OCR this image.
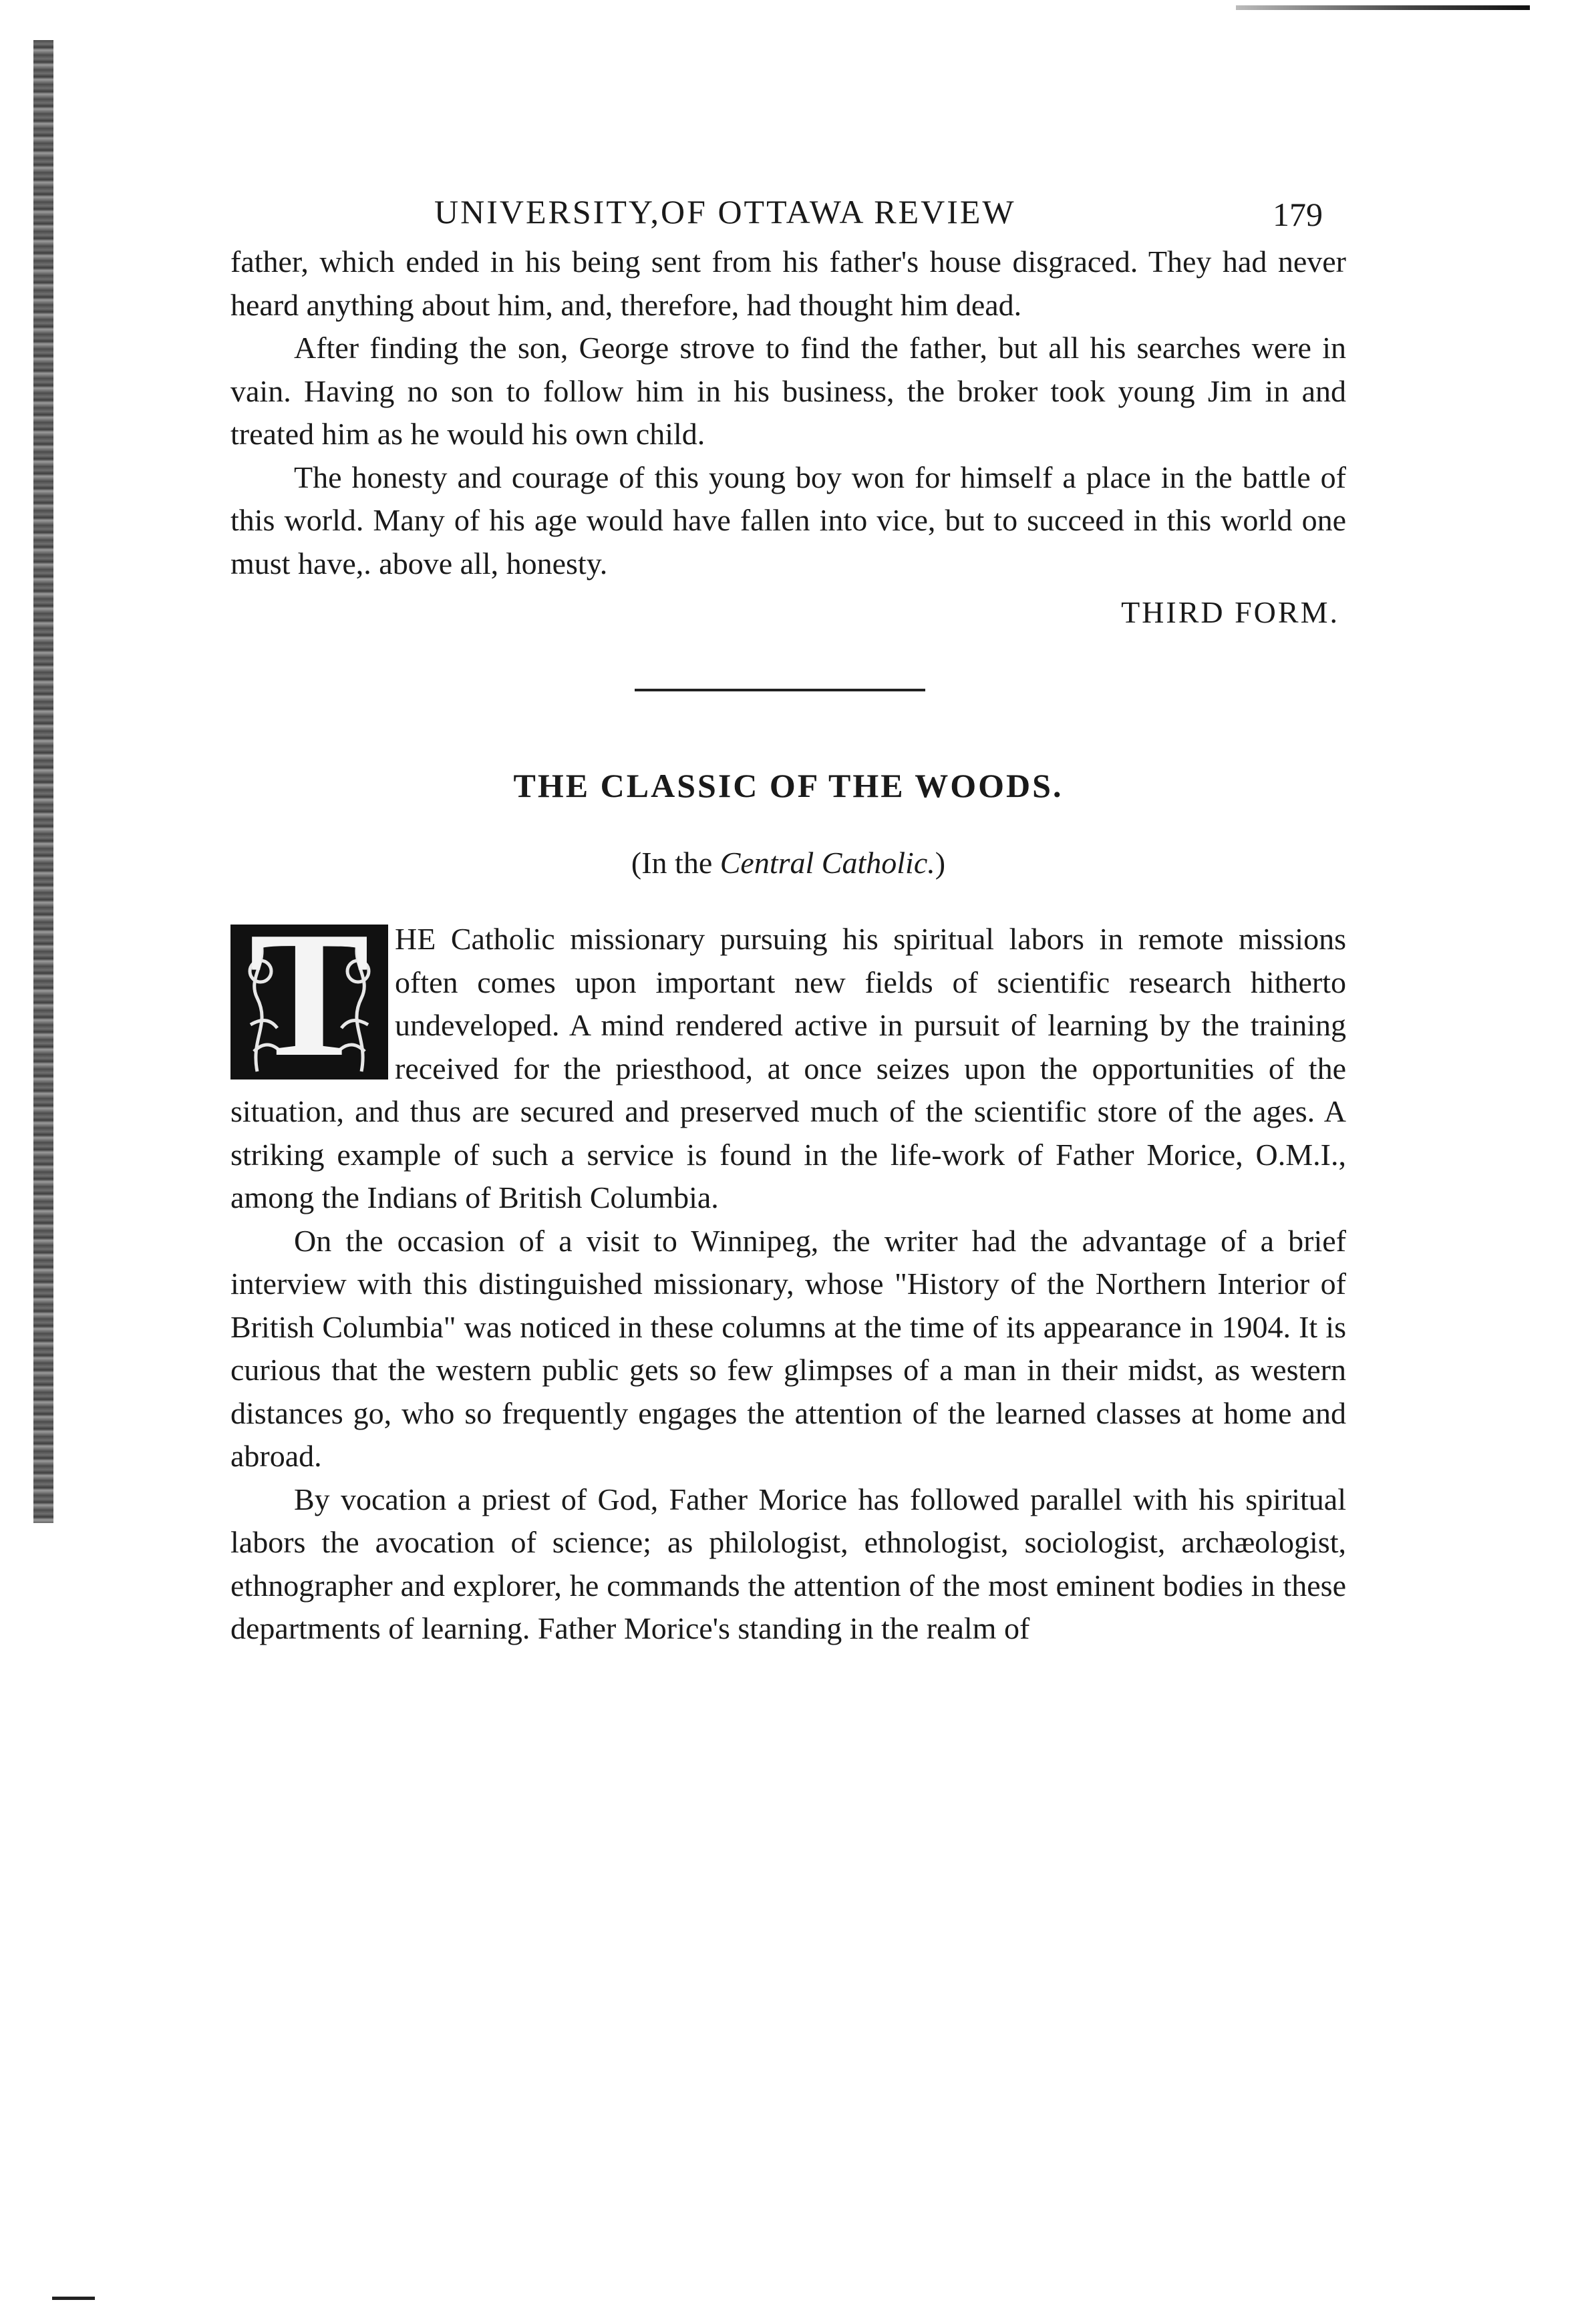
UNIVERSITY,OF OTTAWA REVIEW	179

father, which ended in his being sent from his father's house disgraced. They had never heard anything about him, and, therefore, had thought him dead.

After finding the son, George strove to find the father, but all his searches were in vain. Having no son to follow him in his business, the broker took young Jim in and treated him as he would his own child.

The honesty and courage of this young boy won for himself a place in the battle of this world. Many of his age would have fallen into vice, but to succeed in this world one must have,. above all, honesty.

THIRD FORM.

THE CLASSIC OF THE WOODS.

(In the Central Catholic.)

T HE Catholic missionary pursuing his spiritual labors in remote missions often comes upon important new fields of scientific research hitherto undeveloped. A mind rendered active in pursuit of learning by the training received for the priesthood, at once seizes upon the opportunities of the situation, and thus are secured and preserved much of the scientific store of the ages. A striking example of such a service is found in the life-work of Father Morice, O.M.I., among the Indians of British Columbia.

On the occasion of a visit to Winnipeg, the writer had the advantage of a brief interview with this distinguished missionary, whose "History of the Northern Interior of British Columbia" was noticed in these columns at the time of its appearance in 1904. It is curious that the western public gets so few glimpses of a man in their midst, as western distances go, who so frequently engages the attention of the learned classes at home and abroad.

By vocation a priest of God, Father Morice has followed parallel with his spiritual labors the avocation of science; as philologist, ethnologist, sociologist, archæologist, ethnographer and explorer, he commands the attention of the most eminent bodies in these departments of learning. Father Morice's standing in the realm of
